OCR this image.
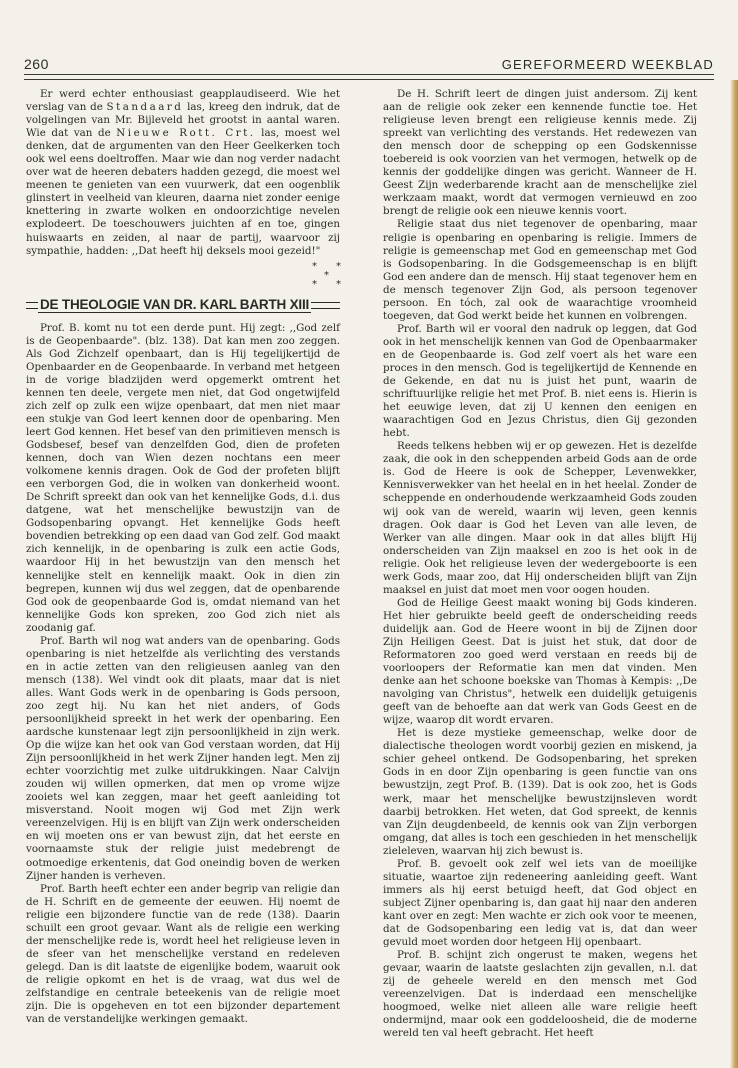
260	GEREFORMEERD WEEKBLAD

Er werd echter enthousiast geapplaudiseerd. Wie het verslag van de Standaard las, kreeg den indruk, dat de volgelingen van Mr. Bijleveld het grootst in aantal waren. Wie dat van de Nieuwe Rott. Crt. las, moest wel denken, dat de argumenten van den Heer Geelkerken toch ook wel eens doeltroffen. Maar wie dan nog verder nadacht over wat de heeren debaters hadden gezegd, die moest wel meenen te genieten van een vuurwerk, dat een oogenblik glinstert in veelheid van kleuren, daarna niet zonder eenige knettering in zwarte wolken en ondoorzichtige nevelen explodeert. De toeschouwers juichten af en toe, gingen huiswaarts en zeiden, al naar de partij, waarvoor zij sympathie, hadden: ,,Dat heeft hij deksels mooi gezeid!"

* *
*
* *
DE THEOLOGIE VAN DR. KARL BARTH XIII

Prof. B. komt nu tot een derde punt. Hij zegt: ,,God zelf is de Geopenbaarde". (blz. 138). Dat kan men zoo zeggen. Als God Zichzelf openbaart, dan is Hij tegelijkertijd de Openbaarder en de Geopenbaarde. In verband met hetgeen in de vorige bladzijden werd opgemerkt omtrent het kennen ten deele, vergete men niet, dat God ongetwijfeld zich zelf op zulk een wijze openbaart, dat men niet maar een stukje van God leert kennen door de openbaring. Men leert God kennen. Het besef van den primitieven mensch is Godsbesef, besef van denzelfden God, dien de profeten kennen, doch van Wien dezen nochtans een meer volkomene kennis dragen. Ook de God der profeten blijft een verborgen God, die in wolken van donkerheid woont. De Schrift spreekt dan ook van het kennelijke Gods, d.i. dus datgene, wat het menschelijke bewustzijn van de Godsopenbaring opvangt. Het kennelijke Gods heeft bovendien betrekking op een daad van God zelf. God maakt zich kennelijk, in de openbaring is zulk een actie Gods, waardoor Hij in het bewustzijn van den mensch het kennelijke stelt en kennelijk maakt. Ook in dien zin begrepen, kunnen wij dus wel zeggen, dat de openbarende God ook de geopenbaarde God is, omdat niemand van het kennelijke Gods kon spreken, zoo God zich niet als zoodanig gaf.

Prof. Barth wil nog wat anders van de openbaring. Gods openbaring is niet hetzelfde als verlichting des verstands en in actie zetten van den religieusen aanleg van den mensch (138). Wel vindt ook dit plaats, maar dat is niet alles. Want Gods werk in de openbaring is Gods persoon, zoo zegt hij. Nu kan het niet anders, of Gods persoonlijkheid spreekt in het werk der openbaring. Een aardsche kunstenaar legt zijn persoonlijkheid in zijn werk. Op die wijze kan het ook van God verstaan worden, dat Hij Zijn persoonlijkheid in het werk Zijner handen legt. Men zij echter voorzichtig met zulke uitdrukkingen. Naar Calvijn zouden wij willen opmerken, dat men op vrome wijze zooiets wel kan zeggen, maar het geeft aanleiding tot misverstand. Nooit mogen wij God met Zijn werk vereenzelvigen. Hij is en blijft van Zijn werk onderscheiden en wij moeten ons er van bewust zijn, dat het eerste en voornaamste stuk der religie juist medebrengt de ootmoedige erkentenis, dat God oneindig boven de werken Zijner handen is verheven.

Prof. Barth heeft echter een ander begrip van religie dan de H. Schrift en de gemeente der eeuwen. Hij noemt de religie een bijzondere functie van de rede (138). Daarin schuilt een groot gevaar. Want als de religie een werking der menschelijke rede is, wordt heel het religieuse leven in de sfeer van het menschelijke verstand en redeleven gelegd. Dan is dit laatste de eigenlijke bodem, waaruit ook de religie opkomt en het is de vraag, wat dus wel de zelfstandige en centrale beteekenis van de religie moet zijn. Die is opgeheven en tot een bijzonder departement van de verstandelijke werkingen gemaakt.

De H. Schrift leert de dingen juist andersom. Zij kent aan de religie ook zeker een kennende functie toe. Het religieuse leven brengt een religieuse kennis mede. Zij spreekt van verlichting des verstands. Het redewezen van den mensch door de schepping op een Godskennisse toebereid is ook voorzien van het vermogen, hetwelk op de kennis der goddelijke dingen was gericht. Wanneer de H. Geest Zijn wederbarende kracht aan de menschelijke ziel werkzaam maakt, wordt dat vermogen vernieuwd en zoo brengt de religie ook een nieuwe kennis voort.

Religie staat dus niet tegenover de openbaring, maar religie is openbaring en openbaring is religie. Immers de religie is gemeenschap met God en gemeenschap met God is Godsopenbaring. In die Godsgemeenschap is en blijft God een andere dan de mensch. Hij staat tegenover hem en de mensch tegenover Zijn God, als persoon tegenover persoon. En tóch, zal ook de waarachtige vroomheid toegeven, dat God werkt beide het kunnen en volbrengen.

Prof. Barth wil er vooral den nadruk op leggen, dat God ook in het menschelijk kennen van God de Openbaarmaker en de Geopenbaarde is. God zelf voert als het ware een proces in den mensch. God is tegelijkertijd de Kennende en de Gekende, en dat nu is juist het punt, waarin de schriftuurlijke religie het met Prof. B. niet eens is. Hierin is het eeuwige leven, dat zij U kennen den eenigen en waarachtigen God en Jezus Christus, dien Gij gezonden hebt.

Reeds telkens hebben wij er op gewezen. Het is dezelfde zaak, die ook in den scheppenden arbeid Gods aan de orde is. God de Heere is ook de Schepper, Levenwekker, Kennisverwekker van het heelal en in het heelal. Zonder de scheppende en onderhoudende werkzaamheid Gods zouden wij ook van de wereld, waarin wij leven, geen kennis dragen. Ook daar is God het Leven van alle leven, de Werker van alle dingen. Maar ook in dat alles blijft Hij onderscheiden van Zijn maaksel en zoo is het ook in de religie. Ook het religieuse leven der wedergeboorte is een werk Gods, maar zoo, dat Hij onderscheiden blijft van Zijn maaksel en juist dat moet men voor oogen houden.

God de Heilige Geest maakt woning bij Gods kinderen. Het hier gebruikte beeld geeft de onderscheiding reeds duidelijk aan. God de Heere woont in bij de Zijnen door Zijn Heiligen Geest. Dat is juist het stuk, dat door de Reformatoren zoo goed werd verstaan en reeds bij de voorloopers der Reformatie kan men dat vinden. Men denke aan het schoone boekske van Thomas à Kempis: ,,De navolging van Christus", hetwelk een duidelijk getuigenis geeft van de behoefte aan dat werk van Gods Geest en de wijze, waarop dit wordt ervaren.

Het is deze mystieke gemeenschap, welke door de dialectische theologen wordt voorbij gezien en miskend, ja schier geheel ontkend. De Godsopenbaring, het spreken Gods in en door Zijn openbaring is geen functie van ons bewustzijn, zegt Prof. B. (139). Dat is ook zoo, het is Gods werk, maar het menschelijke bewustzijnsleven wordt daarbij betrokken. Het weten, dat God spreekt, de kennis van Zijn deugdenbeeld, de kennis ook van Zijn verborgen omgang, dat alles is toch een geschieden in het menschelijk zieleleven, waarvan hij zich bewust is.

Prof. B. gevoelt ook zelf wel iets van de moeilijke situatie, waartoe zijn redeneering aanleiding geeft. Want immers als hij eerst betuigd heeft, dat God object en subject Zijner openbaring is, dan gaat hij naar den anderen kant over en zegt: Men wachte er zich ook voor te meenen, dat de Godsopenbaring een ledig vat is, dat dan weer gevuld moet worden door hetgeen Hij openbaart.

Prof. B. schijnt zich ongerust te maken, wegens het gevaar, waarin de laatste geslachten zijn gevallen, n.l. dat zij de geheele wereld en den mensch met God vereenzelvigen. Dat is inderdaad een menschelijke hoogmoed, welke niet alleen alle ware religie heeft ondermijnd, maar ook een goddeloosheid, die de moderne wereld ten val heeft gebracht. Het heeft
